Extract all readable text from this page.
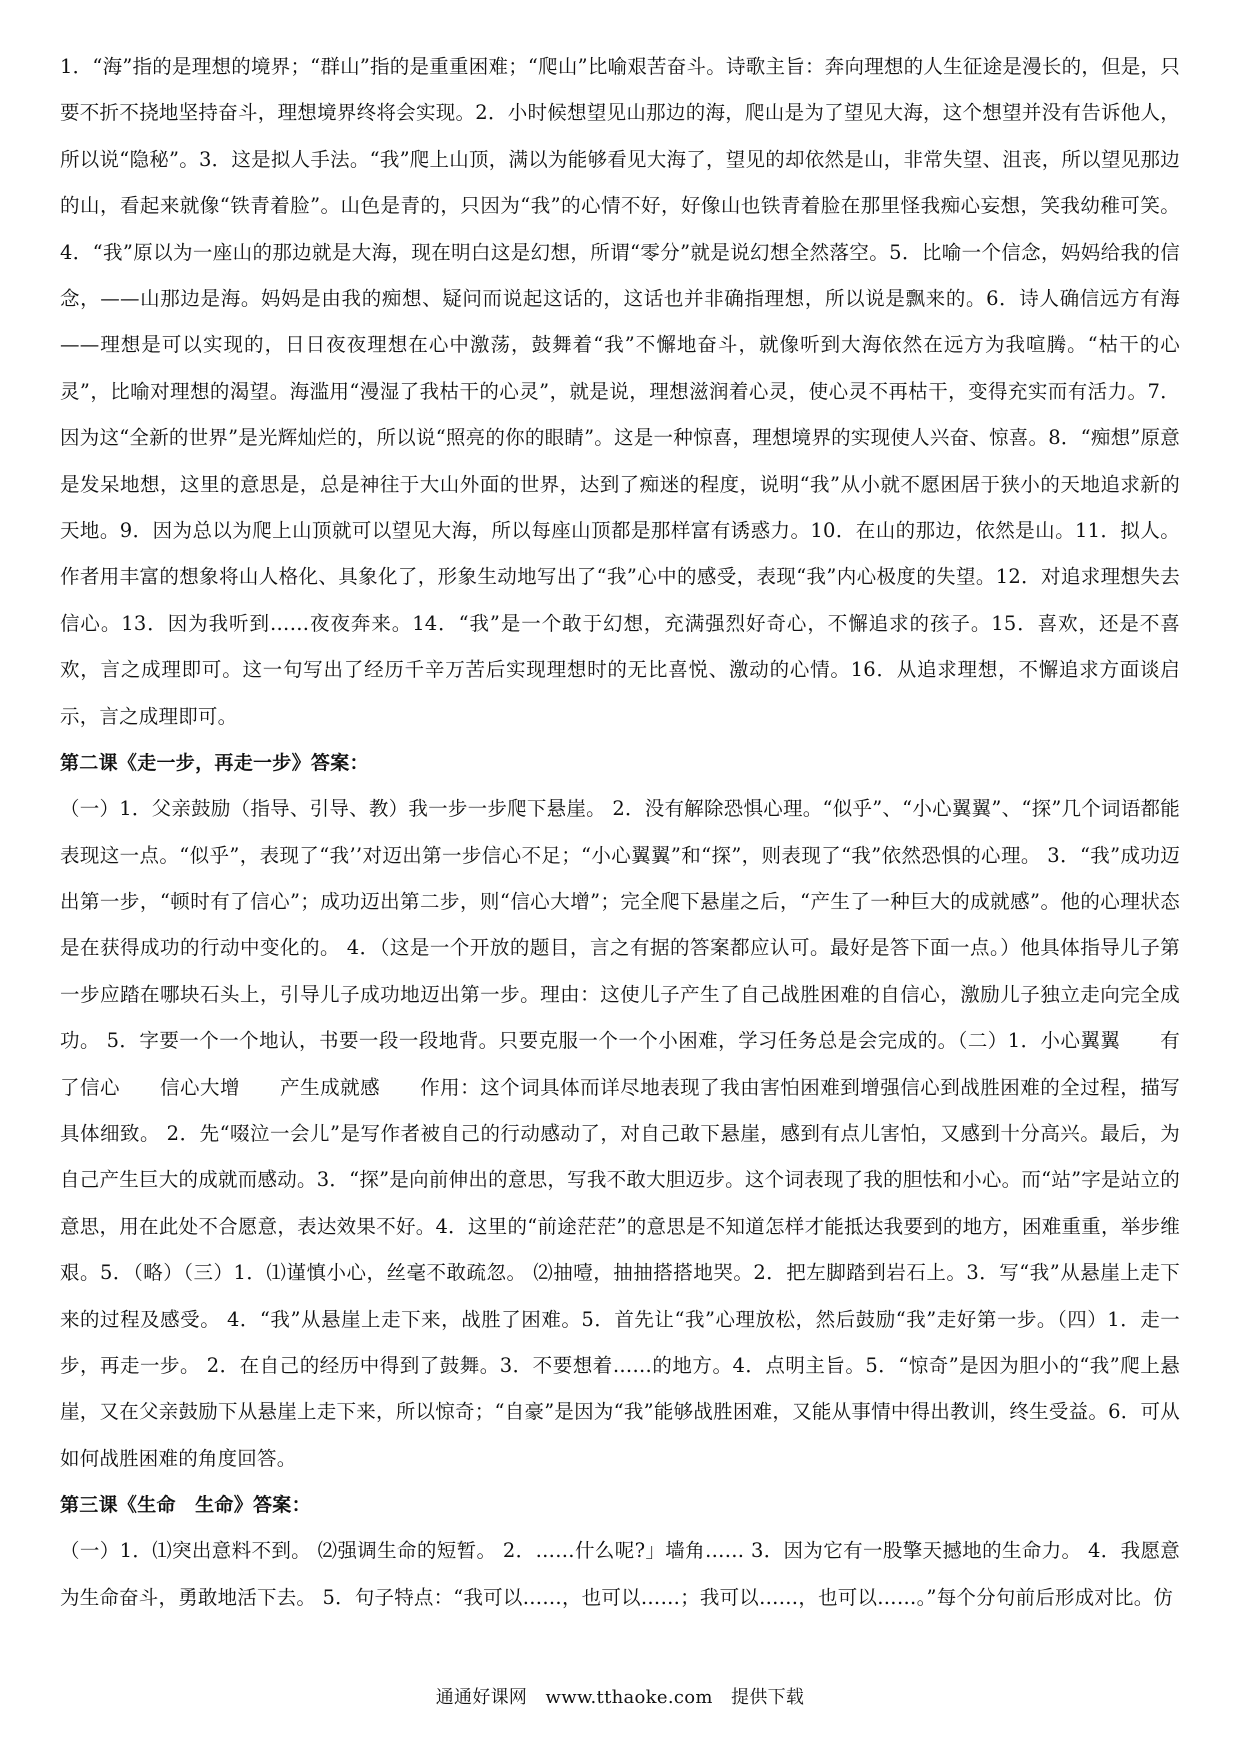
1．“海”指的是理想的境界；“群山”指的是重重困难；“爬山”比喻艰苦奋斗。诗歌主旨：奔向理想的人生征途是漫长的，但是，只要不折不挠地坚持奋斗，理想境界终将会实现。2．小时候想望见山那边的海，爬山是为了望见大海，这个想望并没有告诉他人，所以说“隐秘”。3．这是拟人手法。“我”爬上山顶，满以为能够看见大海了，望见的却依然是山，非常失望、沮丧，所以望见那边的山，看起来就像“铁青着脸”。山色是青的，只因为“我”的心情不好，好像山也铁青着脸在那里怪我痴心妄想，笑我幼稚可笑。4．“我”原以为一座山的那边就是大海，现在明白这是幻想，所谓“零分”就是说幻想全然落空。5．比喻一个信念，妈妈给我的信念，——山那边是海。妈妈是由我的痴想、疑问而说起这话的，这话也并非确指理想，所以说是飘来的。6．诗人确信远方有海——理想是可以实现的，日日夜夜理想在心中激荡，鼓舞着“我”不懈地奋斗，就像听到大海依然在远方为我喧腾。“枯干的心灵”，比喻对理想的渴望。海滥用“漫湿了我枯干的心灵”，就是说，理想滋润着心灵，使心灵不再枯干，变得充实而有活力。7．因为这“全新的世界”是光辉灿烂的，所以说“照亮的你的眼睛”。这是一种惊喜，理想境界的实现使人兴奋、惊喜。8．“痴想”原意是发呆地想，这里的意思是，总是神往于大山外面的世界，达到了痴迷的程度，说明“我”从小就不愿困居于狭小的天地追求新的天地。9．因为总以为爬上山顶就可以望见大海，所以每座山顶都是那样富有诱惑力。10．在山的那边，依然是山。11．拟人。作者用丰富的想象将山人格化、具象化了，形象生动地写出了“我”心中的感受，表现“我”内心极度的失望。12．对追求理想失去信心。13．因为我听到……夜夜奔来。14．“我”是一个敢于幻想，充满强烈好奇心，不懈追求的孩子。15．喜欢，还是不喜欢，言之成理即可。这一句写出了经历千辛万苦后实现理想时的无比喜悦、激动的心情。16．从追求理想，不懈追求方面谈启示，言之成理即可。

第二课《走一步，再走一步》答案：

（一）1．父亲鼓励（指导、引导、教）我一步一步爬下悬崖。 2．没有解除恐惧心理。“似乎”、“小心翼翼”、“探”几个词语都能表现这一点。“似乎”，表现了“我’’对迈出第一步信心不足；“小心翼翼”和“探”，则表现了“我”依然恐惧的心理。 3．“我”成功迈出第一步，“顿时有了信心”；成功迈出第二步，则“信心大增”；完全爬下悬崖之后，“产生了一种巨大的成就感”。他的心理状态是在获得成功的行动中变化的。 4．（这是一个开放的题目，言之有据的答案都应认可。最好是答下面一点。）他具体指导儿子第一步应踏在哪块石头上，引导儿子成功地迈出第一步。理由：这使儿子产生了自己战胜困难的自信心，激励儿子独立走向完全成功。 5．字要一个一个地认，书要一段一段地背。只要克服一个一个小困难，学习任务总是会完成的。（二）1．小心翼翼　　有了信心　　信心大增　　产生成就感　　作用：这个词具体而详尽地表现了我由害怕困难到增强信心到战胜困难的全过程，描写具体细致。 2．先“啜泣一会儿”是写作者被自己的行动感动了，对自己敢下悬崖，感到有点儿害怕，又感到十分高兴。最后，为自己产生巨大的成就而感动。3．“探”是向前伸出的意思，写我不敢大胆迈步。这个词表现了我的胆怯和小心。而“站”字是站立的意思，用在此处不合愿意，表达效果不好。4．这里的“前途茫茫”的意思是不知道怎样才能抵达我要到的地方，困难重重，举步维艰。5．（略）（三）1．⑴谨慎小心，丝毫不敢疏忽。 ⑵抽噎，抽抽搭搭地哭。2．把左脚踏到岩石上。3．写“我”从悬崖上走下来的过程及感受。 4．“我”从悬崖上走下来，战胜了困难。5．首先让“我”心理放松，然后鼓励“我”走好第一步。（四）1．走一步，再走一步。 2．在自己的经历中得到了鼓舞。3．不要想着……的地方。4．点明主旨。5．“惊奇”是因为胆小的“我”爬上悬崖，又在父亲鼓励下从悬崖上走下来，所以惊奇；“自豪”是因为“我”能够战胜困难，又能从事情中得出教训，终生受益。6．可从如何战胜困难的角度回答。

第三课《生命　生命》答案：

（一）1．⑴突出意料不到。 ⑵强调生命的短暂。 2．……什么呢?」墙角…… 3．因为它有一股擎天撼地的生命力。 4．我愿意为生命奋斗，勇敢地活下去。 5．句子特点：“我可以……，也可以……；我可以……，也可以……。”每个分句前后形成对比。仿

通通好课网　www.tthaoke.com　提供下载
